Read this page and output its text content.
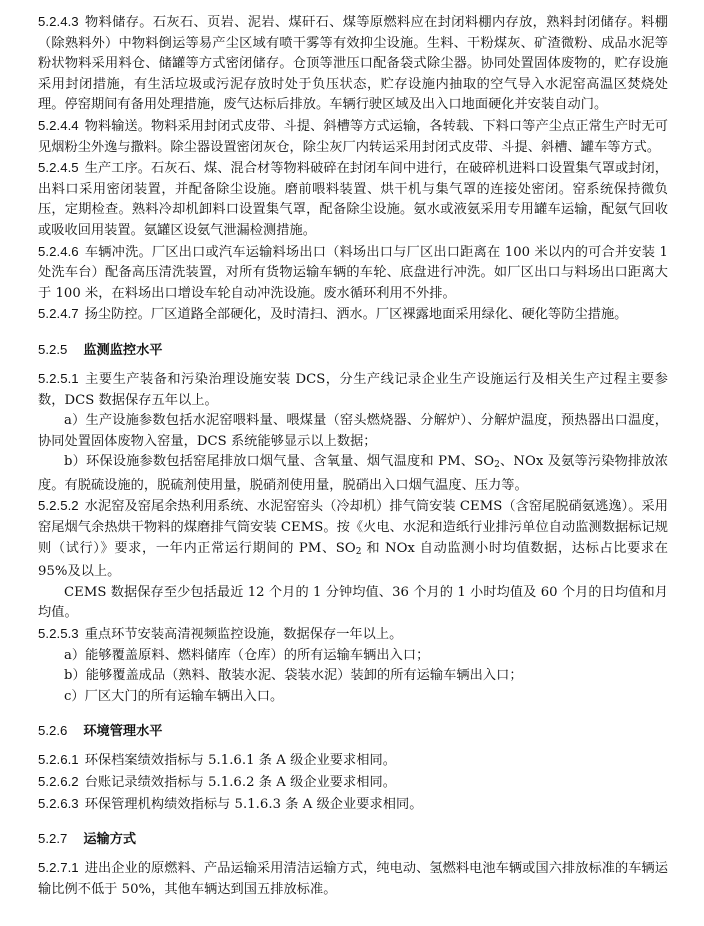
5.2.4.3 物料储存。石灰石、页岩、泥岩、煤矸石、煤等原燃料应在封闭料棚内存放，熟料封闭储存。料棚（除熟料外）中物料倒运等易产尘区域有喷干雾等有效抑尘设施。生料、干粉煤灰、矿渣微粉、成品水泥等粉状物料采用料仓、储罐等方式密闭储存。仓顶等泄压口配备袋式除尘器。协同处置固体废物的，贮存设施采用封闭措施，有生活垃圾或污泥存放时处于负压状态，贮存设施内抽取的空气导入水泥窑高温区焚烧处理。停窑期间有备用处理措施，废气达标后排放。车辆行驶区域及出入口地面硬化并安装自动门。

5.2.4.4 物料输送。物料采用封闭式皮带、斗提、斜槽等方式运输，各转载、下料口等产尘点正常生产时无可见烟粉尘外逸与撒料。除尘器设置密闭灰仓，除尘灰厂内转运采用封闭式皮带、斗提、斜槽、罐车等方式。

5.2.4.5 生产工序。石灰石、煤、混合材等物料破碎在封闭车间中进行，在破碎机进料口设置集气罩或封闭，出料口采用密闭装置，并配备除尘设施。磨前喂料装置、烘干机与集气罩的连接处密闭。窑系统保持微负压，定期检查。熟料冷却机卸料口设置集气罩，配备除尘设施。氨水或液氨采用专用罐车运输，配氨气回收或吸收回用装置。氨罐区设氨气泄漏检测措施。

5.2.4.6 车辆冲洗。厂区出口或汽车运输料场出口（料场出口与厂区出口距离在 100 米以内的可合并安装 1 处洗车台）配备高压清洗装置，对所有货物运输车辆的车轮、底盘进行冲洗。如厂区出口与料场出口距离大于 100 米，在料场出口增设车轮自动冲洗设施。废水循环利用不外排。

5.2.4.7 扬尘防控。厂区道路全部硬化，及时清扫、洒水。厂区裸露地面采用绿化、硬化等防尘措施。

5.2.5 监测监控水平

5.2.5.1 主要生产装备和污染治理设施安装 DCS，分生产线记录企业生产设施运行及相关生产过程主要参数，DCS 数据保存五年以上。

a）生产设施参数包括水泥窑喂料量、喂煤量（窑头燃烧器、分解炉）、分解炉温度，预热器出口温度，协同处置固体废物入窑量，DCS 系统能够显示以上数据；

b）环保设施参数包括窑尾排放口烟气量、含氧量、烟气温度和 PM、$SO_2$、NOx 及氨等污染物排放浓度。有脱硫设施的，脱硫剂使用量，脱硝剂使用量，脱硝出入口烟气温度、压力等。

5.2.5.2 水泥窑及窑尾余热利用系统、水泥窑窑头（冷却机）排气筒安装 CEMS（含窑尾脱硝氨逃逸）。采用窑尾烟气余热烘干物料的煤磨排气筒安装 CEMS。按《火电、水泥和造纸行业排污单位自动监测数据标记规则（试行）》要求，一年内正常运行期间的 PM、$SO_2$ 和 NOx 自动监测小时均值数据，达标占比要求在 95%及以上。

CEMS 数据保存至少包括最近 12 个月的 1 分钟均值、36 个月的 1 小时均值及 60 个月的日均值和月均值。

5.2.5.3 重点环节安装高清视频监控设施，数据保存一年以上。

a）能够覆盖原料、燃料储库（仓库）的所有运输车辆出入口；

b）能够覆盖成品（熟料、散装水泥、袋装水泥）装卸的所有运输车辆出入口；

c）厂区大门的所有运输车辆出入口。

5.2.6 环境管理水平

5.2.6.1 环保档案绩效指标与 5.1.6.1 条 A 级企业要求相同。

5.2.6.2 台账记录绩效指标与 5.1.6.2 条 A 级企业要求相同。

5.2.6.3 环保管理机构绩效指标与 5.1.6.3 条 A 级企业要求相同。

5.2.7 运输方式

5.2.7.1 进出企业的原燃料、产品运输采用清洁运输方式，纯电动、氢燃料电池车辆或国六排放标准的车辆运输比例不低于 50%，其他车辆达到国五排放标准。
